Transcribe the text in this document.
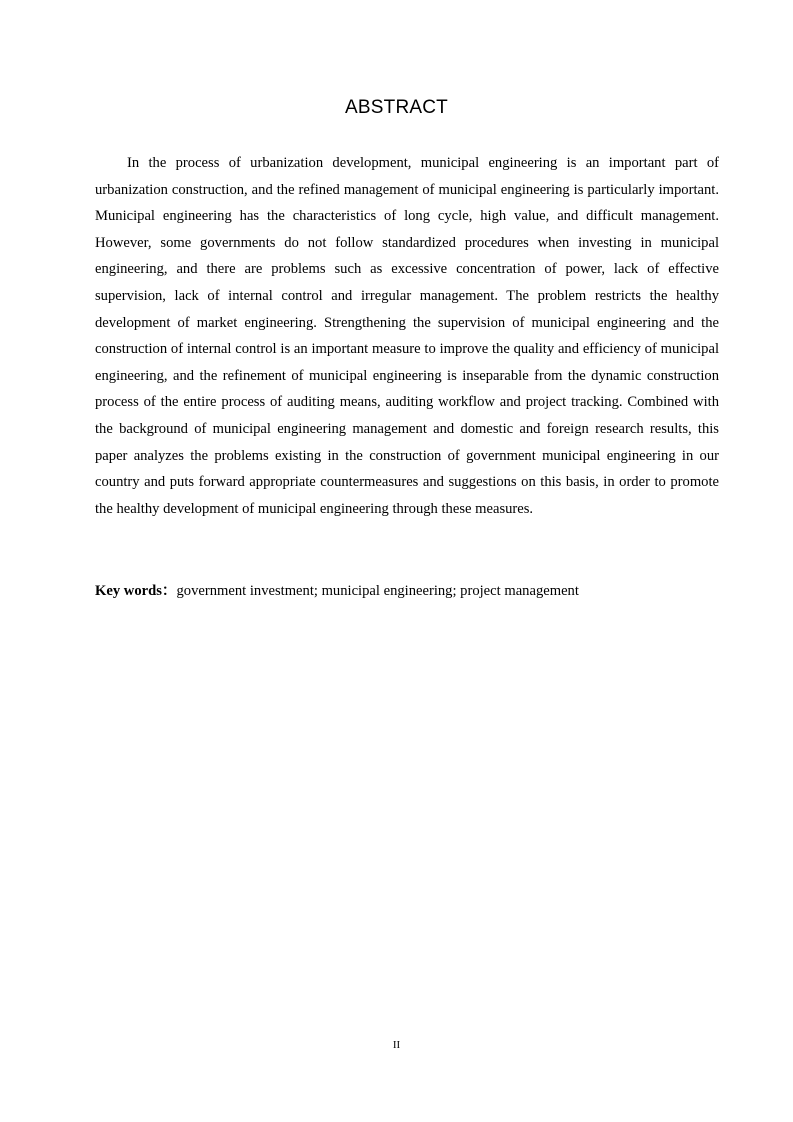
ABSTRACT

In the process of urbanization development, municipal engineering is an important part of urbanization construction, and the refined management of municipal engineering is particularly important. Municipal engineering has the characteristics of long cycle, high value, and difficult management. However, some governments do not follow standardized procedures when investing in municipal engineering, and there are problems such as excessive concentration of power, lack of effective supervision, lack of internal control and irregular management. The problem restricts the healthy development of market engineering. Strengthening the supervision of municipal engineering and the construction of internal control is an important measure to improve the quality and efficiency of municipal engineering, and the refinement of municipal engineering is inseparable from the dynamic construction process of the entire process of auditing means, auditing workflow and project tracking. Combined with the background of municipal engineering management and domestic and foreign research results, this paper analyzes the problems existing in the construction of government municipal engineering in our country and puts forward appropriate countermeasures and suggestions on this basis, in order to promote the healthy development of municipal engineering through these measures.

Key words：government investment; municipal engineering; project management

II
